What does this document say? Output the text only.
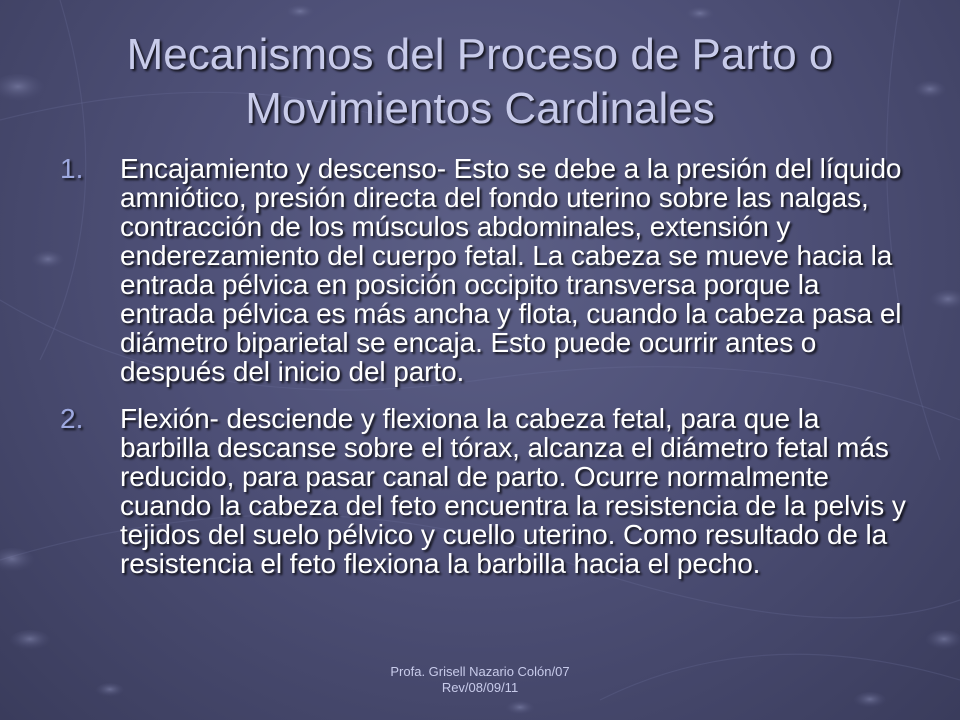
Mecanismos del Proceso de Parto o Movimientos Cardinales
1.	Encajamiento y descenso- Esto se debe a la presión del líquido amniótico, presión directa del fondo uterino sobre las nalgas, contracción de los músculos abdominales, extensión y enderezamiento del cuerpo fetal. La cabeza se mueve hacia la entrada pélvica en posición occipito transversa porque la entrada pélvica es más ancha y flota, cuando la cabeza pasa el diámetro biparietal se encaja. Esto puede ocurrir antes o después del inicio del parto.
2.	Flexión- desciende y flexiona la cabeza fetal, para que la barbilla descanse sobre el tórax, alcanza el diámetro fetal más reducido, para pasar canal de parto. Ocurre normalmente cuando la cabeza del feto encuentra la resistencia de la pelvis y tejidos del suelo pélvico y cuello uterino. Como resultado de la resistencia el feto flexiona la barbilla hacia el pecho.
Profa. Grisell Nazario Colón/07
Rev/08/09/11
